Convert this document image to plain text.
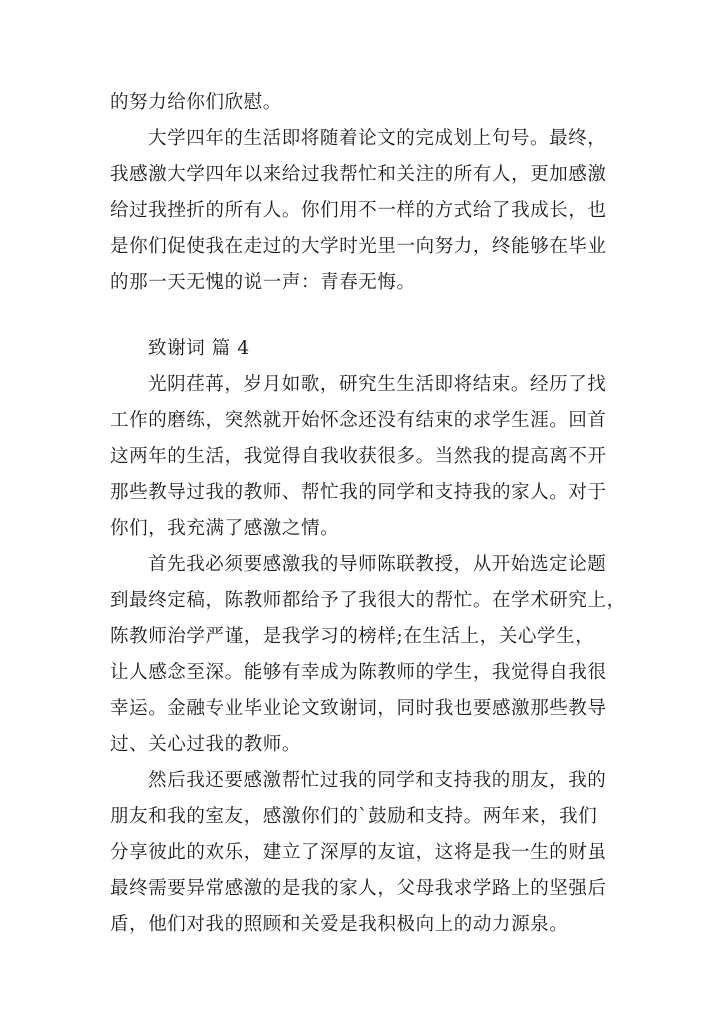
的努力给你们欣慰。
大学四年的生活即将随着论文的完成划上句号。最终，
我感激大学四年以来给过我帮忙和关注的所有人，更加感激
给过我挫折的所有人。你们用不一样的方式给了我成长，也
是你们促使我在走过的大学时光里一向努力，终能够在毕业
的那一天无愧的说一声：青春无悔。
致谢词 篇 4
光阴荏苒，岁月如歌，研究生生活即将结束。经历了找
工作的磨练，突然就开始怀念还没有结束的求学生涯。回首
这两年的生活，我觉得自我收获很多。当然我的提高离不开
那些教导过我的教师、帮忙我的同学和支持我的家人。对于
你们，我充满了感激之情。
首先我必须要感激我的导师陈联教授，从开始选定论题
到最终定稿，陈教师都给予了我很大的帮忙。在学术研究上，
陈教师治学严谨，是我学习的榜样;在生活上，关心学生，
让人感念至深。能够有幸成为陈教师的学生，我觉得自我很
幸运。金融专业毕业论文致谢词，同时我也要感激那些教导
过、关心过我的教师。
然后我还要感激帮忙过我的同学和支持我的朋友，我的
朋友和我的室友，感激你们的`鼓励和支持。两年来，我们
分享彼此的欢乐，建立了深厚的友谊，这将是我一生的财虽
最终需要异常感激的是我的家人，父母我求学路上的坚强后
盾，他们对我的照顾和关爱是我积极向上的动力源泉。
